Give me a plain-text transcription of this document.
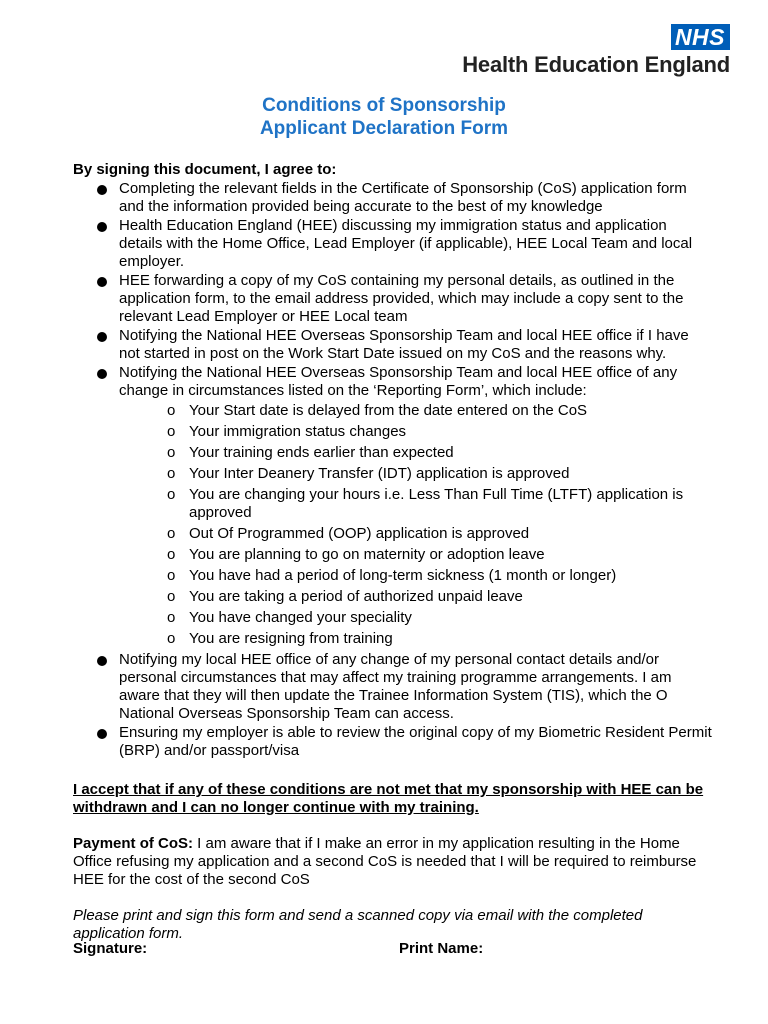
NHS
Health Education England
Conditions of Sponsorship
Applicant Declaration Form
By signing this document, I agree to:
Completing the relevant fields in the Certificate of Sponsorship (CoS) application form and the information provided being accurate to the best of my knowledge
Health Education England (HEE) discussing my immigration status and application details with the Home Office, Lead Employer (if applicable), HEE Local Team and local employer.
HEE forwarding a copy of my CoS containing my personal details, as outlined in the application form, to the email address provided, which may include a copy sent to the relevant Lead Employer or HEE Local team
Notifying the National HEE Overseas Sponsorship Team and local HEE office if I have not started in post on the Work Start Date issued on my CoS and the reasons why.
Notifying the National HEE Overseas Sponsorship Team and local HEE office of any change in circumstances listed on the ‘Reporting Form’, which include:
o Your Start date is delayed from the date entered on the CoS
o Your immigration status changes
o Your training ends earlier than expected
o Your Inter Deanery Transfer (IDT) application is approved
o You are changing your hours i.e. Less Than Full Time (LTFT) application is approved
o Out Of Programmed (OOP) application is approved
o You are planning to go on maternity or adoption leave
o You have had a period of long-term sickness (1 month or longer)
o You are taking a period of authorized unpaid leave
o You have changed your speciality
o You are resigning from training
Notifying my local HEE office of any change of my personal contact details and/or personal circumstances that may affect my training programme arrangements. I am aware that they will then update the Trainee Information System (TIS), which the O National Overseas Sponsorship Team can access.
Ensuring my employer is able to review the original copy of my Biometric Resident Permit (BRP) and/or passport/visa
I accept that if any of these conditions are not met that my sponsorship with HEE can be withdrawn and I can no longer continue with my training.
Payment of CoS: I am aware that if I make an error in my application resulting in the Home Office refusing my application and a second CoS is needed that I will be required to reimburse HEE for the cost of the second CoS
Please print and sign this form and send a scanned copy via email with the completed application form.
Signature:	Print Name:
